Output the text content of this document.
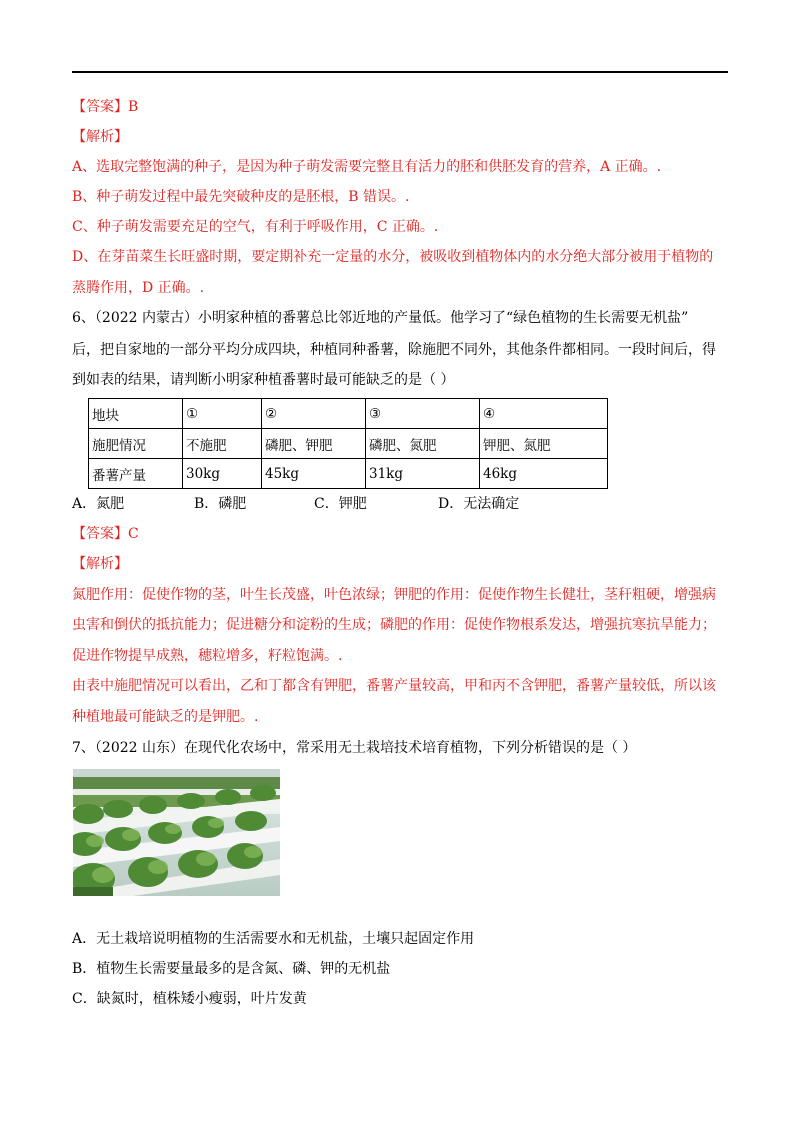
【答案】B
【解析】
A、选取完整饱满的种子，是因为种子萌发需要完整且有活力的胚和供胚发育的营养，A 正确。.
B、种子萌发过程中最先突破种皮的是胚根，B 错误。.
C、种子萌发需要充足的空气，有利于呼吸作用，C 正确。.
D、在芽苗菜生长旺盛时期，要定期补充一定量的水分，被吸收到植物体内的水分绝大部分被用于植物的
蒸腾作用，D 正确。.
6、（2022 内蒙古）小明家种植的番薯总比邻近地的产量低。他学习了“绿色植物的生长需要无机盐”
后，把自家地的一部分平均分成四块，种植同种番薯，除施肥不同外，其他条件都相同。一段时间后，得
到如表的结果，请判断小明家种植番薯时最可能缺乏的是（ ）
地块	①	②	③	④
施肥情况	不施肥	磷肥、钾肥	磷肥、氮肥	钾肥、氮肥
番薯产量	30kg	45kg	31kg	46kg
A．氮肥	B．磷肥	C．钾肥	D．无法确定
【答案】C
【解析】
氮肥作用：促使作物的茎，叶生长茂盛，叶色浓绿；钾肥的作用：促使作物生长健壮，茎秆粗硬，增强病
虫害和倒伏的抵抗能力；促进糖分和淀粉的生成；磷肥的作用：促使作物根系发达，增强抗寒抗旱能力；
促进作物提早成熟，穗粒增多，籽粒饱满。.
由表中施肥情况可以看出，乙和丁都含有钾肥，番薯产量较高，甲和丙不含钾肥，番薯产量较低，所以该
种植地最可能缺乏的是钾肥。.
7、（2022 山东）在现代化农场中，常采用无土栽培技术培育植物，下列分析错误的是（ ）
A．无土栽培说明植物的生活需要水和无机盐，土壤只起固定作用
B．植物生长需要量最多的是含氮、磷、钾的无机盐
C．缺氮时，植株矮小瘦弱，叶片发黄
